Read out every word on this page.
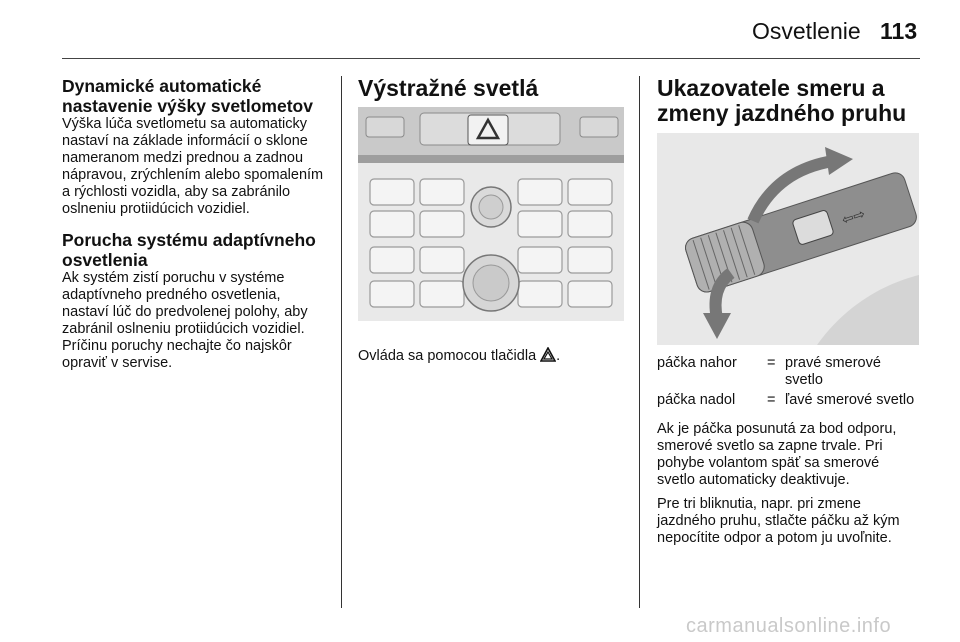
Osvetlenie 113
Dynamické automatické nastavenie výšky svetlometov

Výška lúča svetlometu sa automaticky nastaví na základe informácií o sklone nameranom medzi prednou a zadnou nápravou, zrýchlením alebo spomalením a rýchlosti vozidla, aby sa zabránilo oslneniu protiidúcich vozidiel.

Porucha systému adaptívneho osvetlenia

Ak systém zistí poruchu v systéme adaptívneho predného osvetlenia, nastaví lúč do predvolenej polohy, aby zabránil oslneniu protiidúcich vozidiel. Príčinu poruchy nechajte čo najskôr opraviť v servise.

Výstražné svetlá

Ovláda sa pomocou tlačidla .

Ukazovatele smeru a zmeny jazdného pruhu
⇦⇨
páčka nahor	= pravé smerové svetlo
páčka nadol	= ľavé smerové svetlo

Ak je páčka posunutá za bod odporu, smerové svetlo sa zapne trvale. Pri pohybe volantom späť sa smerové svetlo automaticky deaktivuje.

Pre tri bliknutia, napr. pri zmene jazdného pruhu, stlačte páčku až kým nepocítite odpor a potom ju uvoľnite.

carmanualsonline.info
